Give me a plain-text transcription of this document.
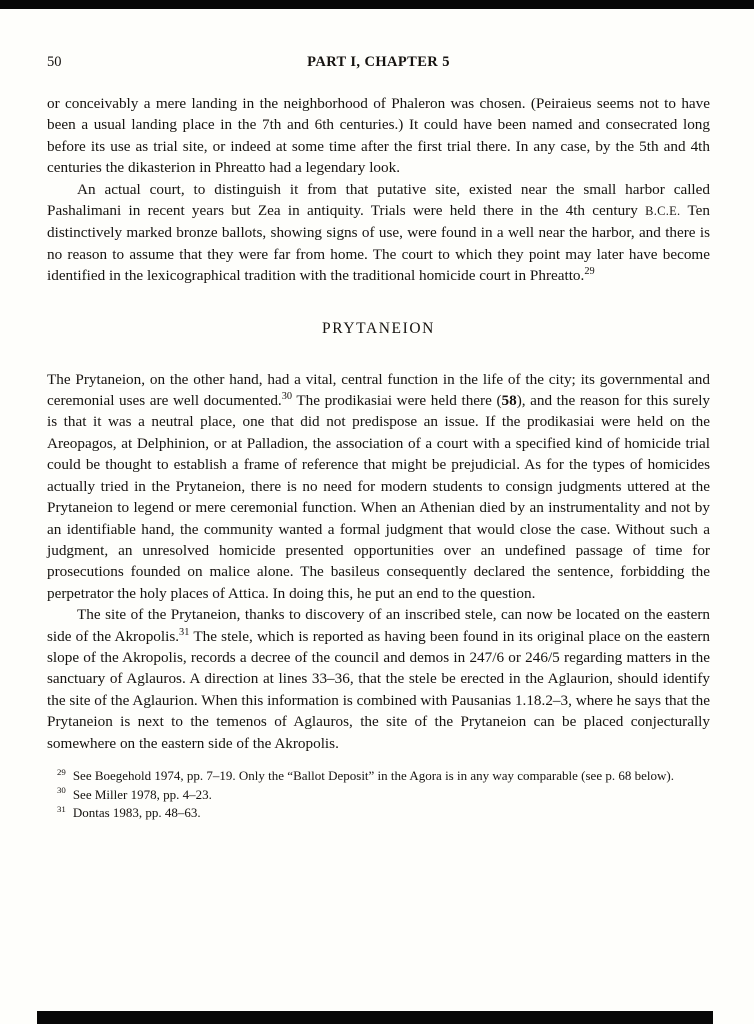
50	PART I, CHAPTER 5

or conceivably a mere landing in the neighborhood of Phaleron was chosen. (Peiraieus seems not to have been a usual landing place in the 7th and 6th centuries.) It could have been named and consecrated long before its use as trial site, or indeed at some time after the first trial there. In any case, by the 5th and 4th centuries the dikasterion in Phreatto had a legendary look.

An actual court, to distinguish it from that putative site, existed near the small harbor called Pashalimani in recent years but Zea in antiquity. Trials were held there in the 4th century B.C.E. Ten distinctively marked bronze ballots, showing signs of use, were found in a well near the harbor, and there is no reason to assume that they were far from home. The court to which they point may later have become identified in the lexicographical tradition with the traditional homicide court in Phreatto.$^{29}$

PRYTANEION

The Prytaneion, on the other hand, had a vital, central function in the life of the city; its governmental and ceremonial uses are well documented.$^{30}$ The prodikasiai were held there (58), and the reason for this surely is that it was a neutral place, one that did not predispose an issue. If the prodikasiai were held on the Areopagos, at Delphinion, or at Palladion, the association of a court with a specified kind of homicide trial could be thought to establish a frame of reference that might be prejudicial. As for the types of homicides actually tried in the Prytaneion, there is no need for modern students to consign judgments uttered at the Prytaneion to legend or mere ceremonial function. When an Athenian died by an instrumentality and not by an identifiable hand, the community wanted a formal judgment that would close the case. Without such a judgment, an unresolved homicide presented opportunities over an undefined passage of time for prosecutions founded on malice alone. The basileus consequently declared the sentence, forbidding the perpetrator the holy places of Attica. In doing this, he put an end to the question.

The site of the Prytaneion, thanks to discovery of an inscribed stele, can now be located on the eastern side of the Akropolis.$^{31}$ The stele, which is reported as having been found in its original place on the eastern slope of the Akropolis, records a decree of the council and demos in 247/6 or 246/5 regarding matters in the sanctuary of Aglauros. A direction at lines 33–36, that the stele be erected in the Aglaurion, should identify the site of the Aglaurion. When this information is combined with Pausanias 1.18.2–3, where he says that the Prytaneion is next to the temenos of Aglauros, the site of the Prytaneion can be placed conjecturally somewhere on the eastern side of the Akropolis.

$^{29}$ See Boegehold 1974, pp. 7–19. Only the “Ballot Deposit” in the Agora is in any way comparable (see p. 68 below).

$^{30}$ See Miller 1978, pp. 4–23.

$^{31}$ Dontas 1983, pp. 48–63.
